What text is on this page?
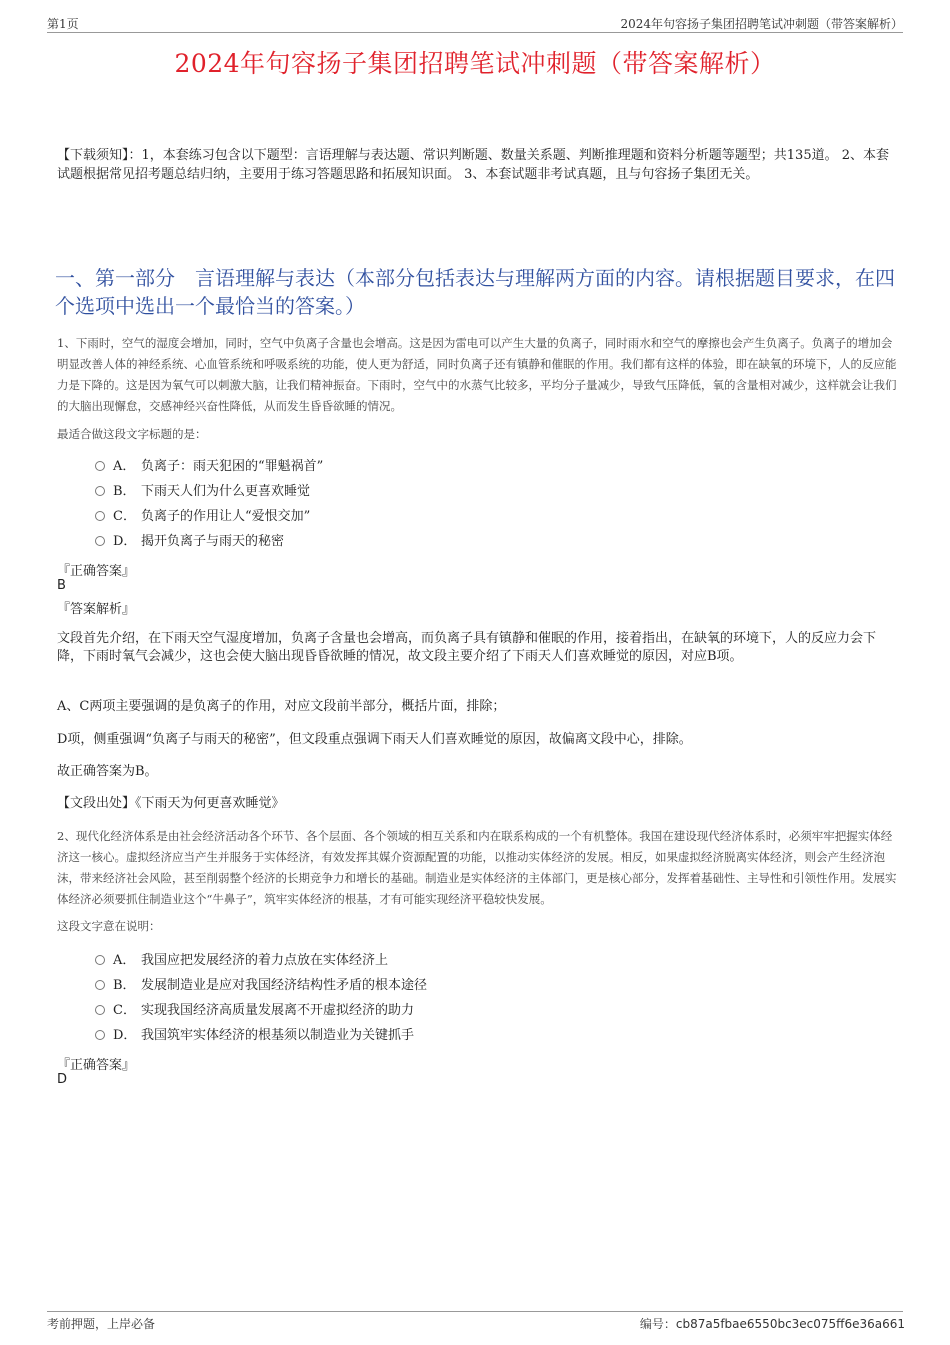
第1页	2024年句容扬子集团招聘笔试冲刺题（带答案解析）
2024年句容扬子集团招聘笔试冲刺题（带答案解析）
【下载须知】：1，本套练习包含以下题型：言语理解与表达题、常识判断题、数量关系题、判断推理题和资料分析题等题型；共135道。 2、本套试题根据常见招考题总结归纳，主要用于练习答题思路和拓展知识面。 3、本套试题非考试真题，且与句容扬子集团无关。
一、第一部分　言语理解与表达（本部分包括表达与理解两方面的内容。请根据题目要求，在四个选项中选出一个最恰当的答案。）
1、下雨时，空气的湿度会增加，同时，空气中负离子含量也会增高。这是因为雷电可以产生大量的负离子，同时雨水和空气的摩擦也会产生负离子。负离子的增加会明显改善人体的神经系统、心血管系统和呼吸系统的功能，使人更为舒适，同时负离子还有镇静和催眠的作用。我们都有这样的体验，即在缺氧的环境下，人的反应能力是下降的。这是因为氧气可以刺激大脑，让我们精神振奋。下雨时，空气中的水蒸气比较多，平均分子量减少，导致气压降低，氧的含量相对减少，这样就会让我们的大脑出现懈怠，交感神经兴奋性降低，从而发生昏昏欲睡的情况。
最适合做这段文字标题的是：
A． 负离子：雨天犯困的“罪魁祸首”
B． 下雨天人们为什么更喜欢睡觉
C． 负离子的作用让人“爱恨交加”
D． 揭开负离子与雨天的秘密
『正确答案』
B
『答案解析』
文段首先介绍，在下雨天空气湿度增加，负离子含量也会增高，而负离子具有镇静和催眠的作用，接着指出，在缺氧的环境下，人的反应力会下降，下雨时氧气会减少，这也会使大脑出现昏昏欲睡的情况，故文段主要介绍了下雨天人们喜欢睡觉的原因，对应B项。
A、C两项主要强调的是负离子的作用，对应文段前半部分，概括片面，排除；
D项，侧重强调“负离子与雨天的秘密”，但文段重点强调下雨天人们喜欢睡觉的原因，故偏离文段中心，排除。
故正确答案为B。
【文段出处】《下雨天为何更喜欢睡觉》
2、现代化经济体系是由社会经济活动各个环节、各个层面、各个领域的相互关系和内在联系构成的一个有机整体。我国在建设现代经济体系时，必须牢牢把握实体经济这一核心。虚拟经济应当产生并服务于实体经济，有效发挥其媒介资源配置的功能，以推动实体经济的发展。相反，如果虚拟经济脱离实体经济，则会产生经济泡沫，带来经济社会风险，甚至削弱整个经济的长期竞争力和增长的基础。制造业是实体经济的主体部门，更是核心部分，发挥着基础性、主导性和引领性作用。发展实体经济必须要抓住制造业这个“牛鼻子”，筑牢实体经济的根基，才有可能实现经济平稳较快发展。
这段文字意在说明：
A． 我国应把发展经济的着力点放在实体经济上
B． 发展制造业是应对我国经济结构性矛盾的根本途径
C． 实现我国经济高质量发展离不开虚拟经济的助力
D． 我国筑牢实体经济的根基须以制造业为关键抓手
『正确答案』
D
考前押题，上岸必备	编号：cb87a5fbae6550bc3ec075ff6e36a661
